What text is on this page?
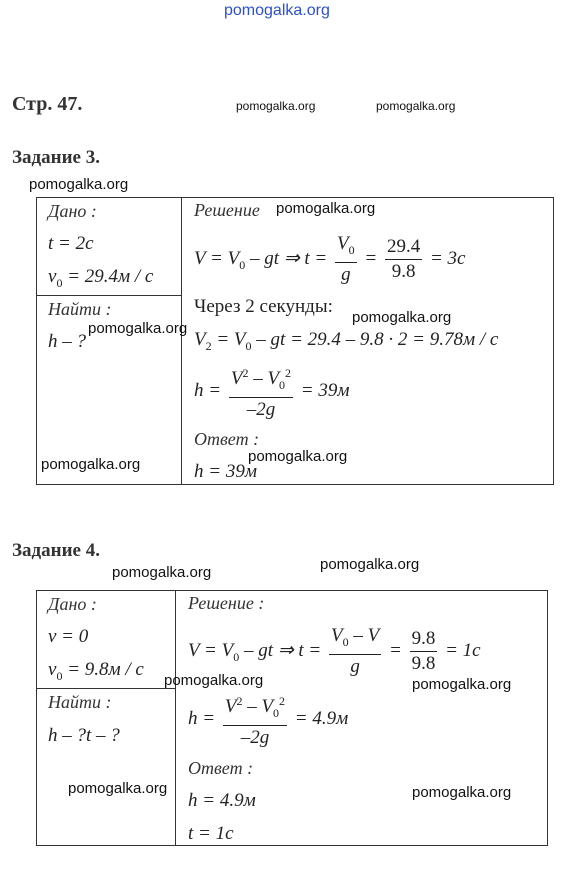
pomogalka.org
Стр. 47.	pomogalka.org	pomogalka.org
Задание 3.
pomogalka.org
Дано :
t = 2c
$v_0 = 29.4м / c$
Найти :
h – ?
pomogalka.org
pomogalka.org
Решение pomogalka.org
$V = V_0$ – gt ⇒ $t = \frac{V_0}{g} = \frac{29.4}{9.8} = 3c$
Через 2 секунды:
pomogalka.org
$V_2 = V_0$ – gt = 29.4 – 9.8 · 2 = 9.78м / c
$h = \frac{V^2 - V_0^2}{-2g} = 39м$
Ответ :
pomogalka.org
h = 39м
Задание 4.
pomogalka.org	pomogalka.org
Дано :
v = 0
$v_0 = 9.8м / c$
Найти :
h – ?t – ?
pomogalka.org
Решение :
$V = V_0$ – gt ⇒ $t = \frac{V_0 - V}{g} = \frac{9.8}{9.8} = 1c$
pomogalka.org	pomogalka.org
$h = \frac{V^2 - V_0^2}{-2g} = 4.9м$
Ответ :
h = 4.9м	pomogalka.org
t = 1c
